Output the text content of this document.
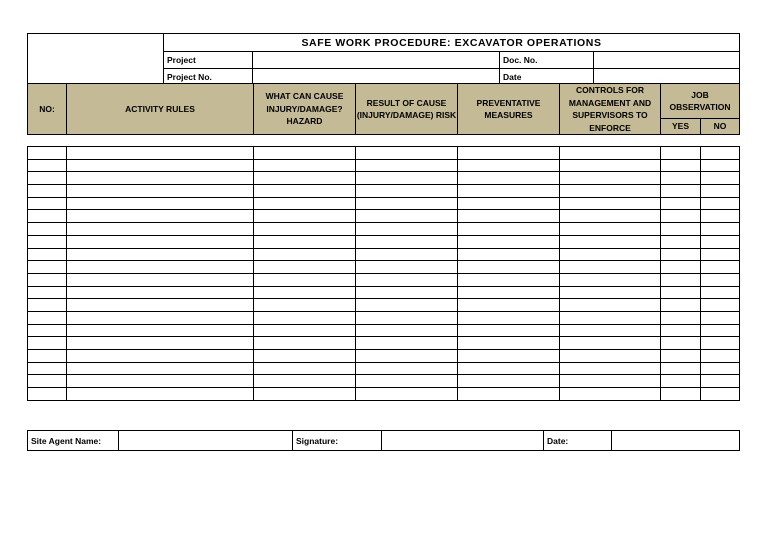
	SAFE WORK PROCEDURE: EXCAVATOR OPERATIONS			
	Project		Doc. No.	
	Project No.		Date	
NO:	ACTIVITY RULES	WHAT CAN CAUSE INJURY/DAMAGE? HAZARD	RESULT OF CAUSE (INJURY/DAMAGE) RISK	PREVENTATIVE MEASURES	CONTROLS FOR MANAGEMENT AND SUPERVISORS TO ENFORCE	JOB OBSERVATION	
						YES	NO

Site Agent Name:		Signature:		Date:	
